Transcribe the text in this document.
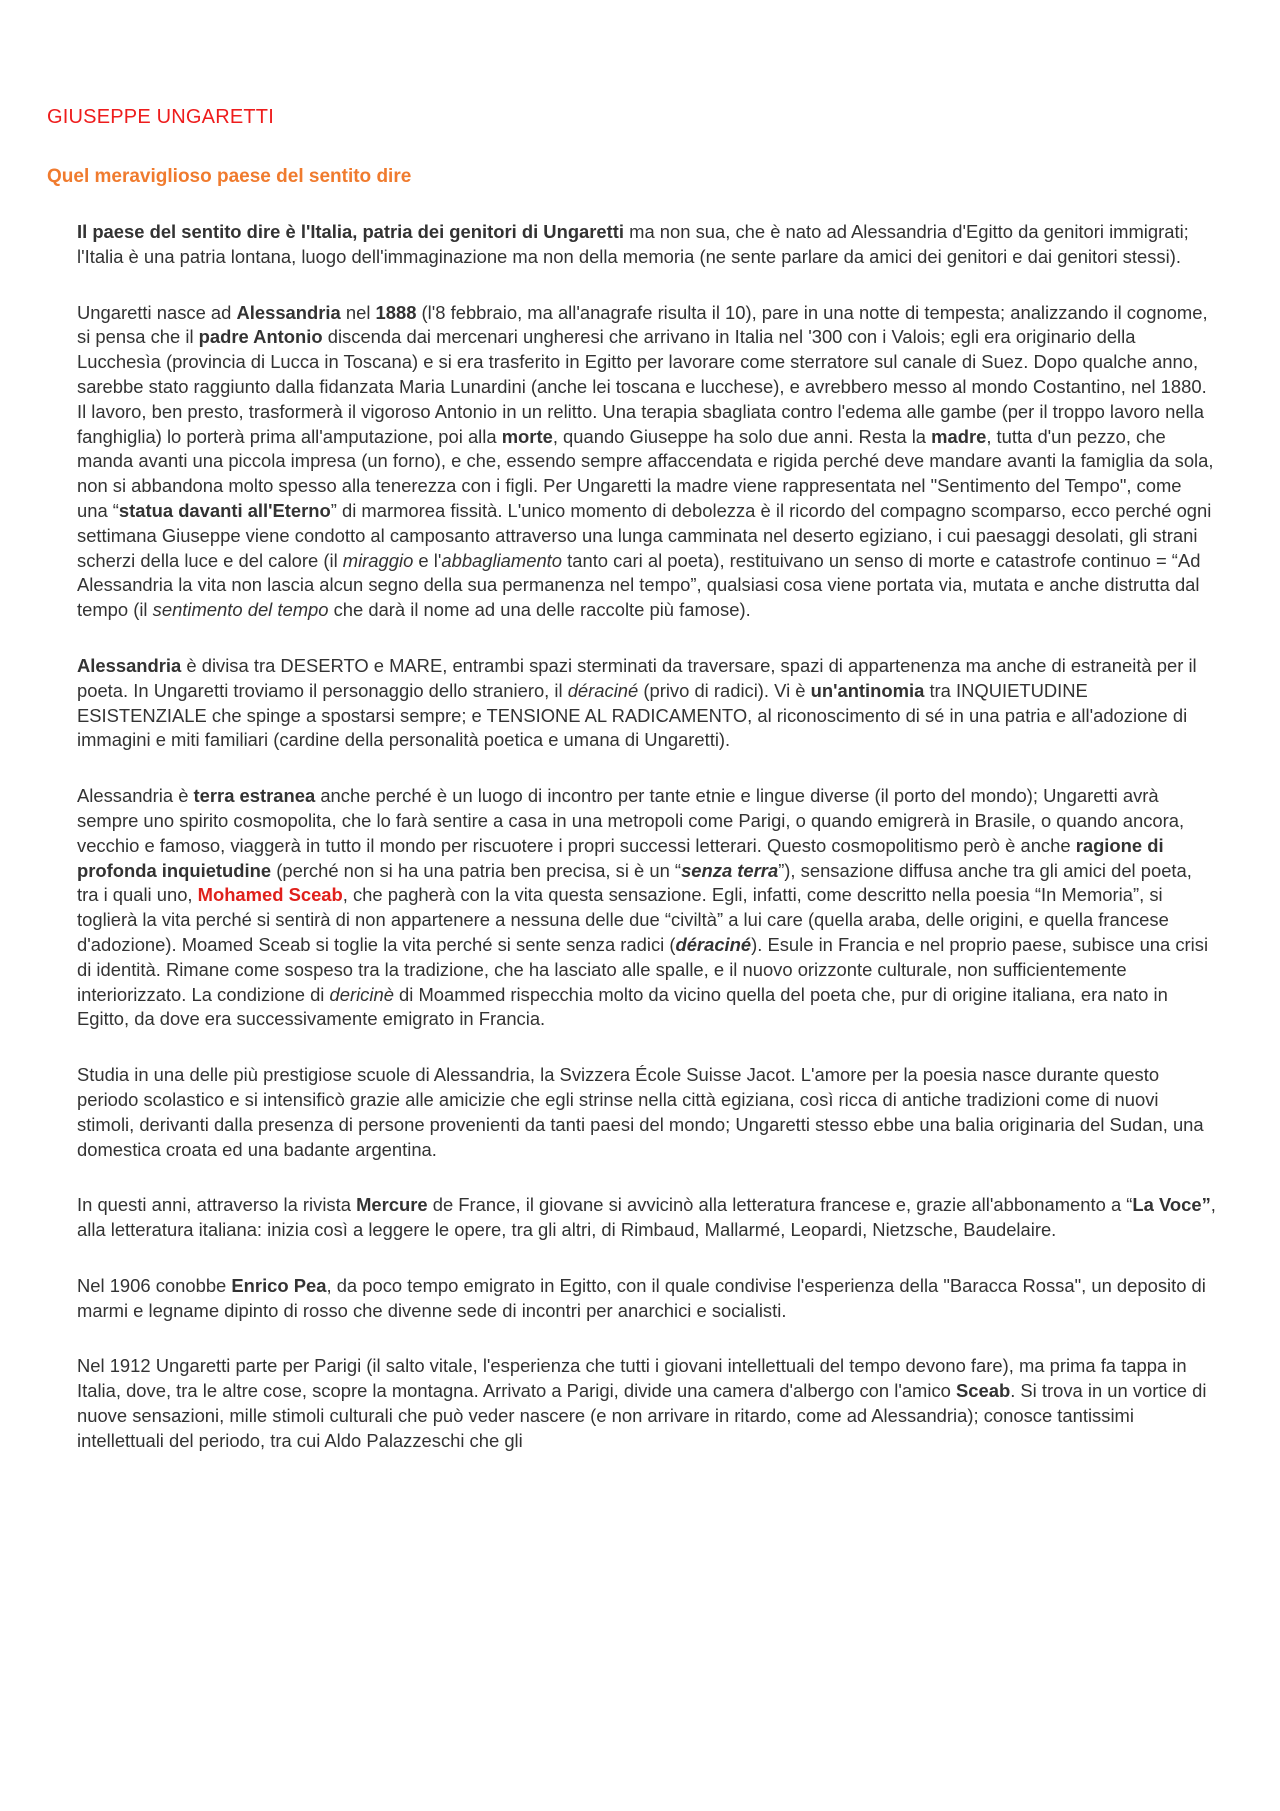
GIUSEPPE UNGARETTI
Quel meraviglioso paese del sentito dire

Il paese del sentito dire è l'Italia, patria dei genitori di Ungaretti ma non sua, che è nato ad Alessandria d'Egitto da genitori immigrati; l'Italia è una patria lontana, luogo dell'immaginazione ma non della memoria (ne sente parlare da amici dei genitori e dai genitori stessi).

Ungaretti nasce ad Alessandria nel 1888 (l'8 febbraio, ma all'anagrafe risulta il 10), pare in una notte di tempesta; analizzando il cognome, si pensa che il padre Antonio discenda dai mercenari ungheresi che arrivano in Italia nel '300 con i Valois; egli era originario della Lucchesìa (provincia di Lucca in Toscana) e si era trasferito in Egitto per lavorare come sterratore sul canale di Suez. Dopo qualche anno, sarebbe stato raggiunto dalla fidanzata Maria Lunardini (anche lei toscana e lucchese), e avrebbero messo al mondo Costantino, nel 1880. Il lavoro, ben presto, trasformerà il vigoroso Antonio in un relitto. Una terapia sbagliata contro l'edema alle gambe (per il troppo lavoro nella fanghiglia) lo porterà prima all'amputazione, poi alla morte, quando Giuseppe ha solo due anni. Resta la madre, tutta d'un pezzo, che manda avanti una piccola impresa (un forno), e che, essendo sempre affaccendata e rigida perché deve mandare avanti la famiglia da sola, non si abbandona molto spesso alla tenerezza con i figli. Per Ungaretti la madre viene rappresentata nel "Sentimento del Tempo", come una “statua davanti all'Eterno” di marmorea fissità. L'unico momento di debolezza è il ricordo del compagno scomparso, ecco perché ogni settimana Giuseppe viene condotto al camposanto attraverso una lunga camminata nel deserto egiziano, i cui paesaggi desolati, gli strani scherzi della luce e del calore (il miraggio e l'abbagliamento tanto cari al poeta), restituivano un senso di morte e catastrofe continuo = “Ad Alessandria la vita non lascia alcun segno della sua permanenza nel tempo”, qualsiasi cosa viene portata via, mutata e anche distrutta dal tempo (il sentimento del tempo che darà il nome ad una delle raccolte più famose).

Alessandria è divisa tra DESERTO e MARE, entrambi spazi sterminati da traversare, spazi di appartenenza ma anche di estraneità per il poeta. In Ungaretti troviamo il personaggio dello straniero, il déraciné (privo di radici). Vi è un'antinomia tra INQUIETUDINE ESISTENZIALE che spinge a spostarsi sempre; e TENSIONE AL RADICAMENTO, al riconoscimento di sé in una patria e all'adozione di immagini e miti familiari (cardine della personalità poetica e umana di Ungaretti).

Alessandria è terra estranea anche perché è un luogo di incontro per tante etnie e lingue diverse (il porto del mondo); Ungaretti avrà sempre uno spirito cosmopolita, che lo farà sentire a casa in una metropoli come Parigi, o quando emigrerà in Brasile, o quando ancora, vecchio e famoso, viaggerà in tutto il mondo per riscuotere i propri successi letterari. Questo cosmopolitismo però è anche ragione di profonda inquietudine (perché non si ha una patria ben precisa, si è un “senza terra”), sensazione diffusa anche tra gli amici del poeta, tra i quali uno, Mohamed Sceab, che pagherà con la vita questa sensazione. Egli, infatti, come descritto nella poesia “In Memoria”, si toglierà la vita perché si sentirà di non appartenere a nessuna delle due “civiltà” a lui care (quella araba, delle origini, e quella francese d'adozione). Moamed Sceab si toglie la vita perché si sente senza radici (déraciné). Esule in Francia e nel proprio paese, subisce una crisi di identità. Rimane come sospeso tra la tradizione, che ha lasciato alle spalle, e il nuovo orizzonte culturale, non sufficientemente interiorizzato. La condizione di dericinè di Moammed rispecchia molto da vicino quella del poeta che, pur di origine italiana, era nato in Egitto, da dove era successivamente emigrato in Francia.

Studia in una delle più prestigiose scuole di Alessandria, la Svizzera École Suisse Jacot. L'amore per la poesia nasce durante questo periodo scolastico e si intensificò grazie alle amicizie che egli strinse nella città egiziana, così ricca di antiche tradizioni come di nuovi stimoli, derivanti dalla presenza di persone provenienti da tanti paesi del mondo; Ungaretti stesso ebbe una balia originaria del Sudan, una domestica croata ed una badante argentina.

In questi anni, attraverso la rivista Mercure de France, il giovane si avvicinò alla letteratura francese e, grazie all'abbonamento a “La Voce”, alla letteratura italiana: inizia così a leggere le opere, tra gli altri, di Rimbaud, Mallarmé, Leopardi, Nietzsche, Baudelaire.

Nel 1906 conobbe Enrico Pea, da poco tempo emigrato in Egitto, con il quale condivise l'esperienza della "Baracca Rossa", un deposito di marmi e legname dipinto di rosso che divenne sede di incontri per anarchici e socialisti.

Nel 1912 Ungaretti parte per Parigi (il salto vitale, l'esperienza che tutti i giovani intellettuali del tempo devono fare), ma prima fa tappa in Italia, dove, tra le altre cose, scopre la montagna. Arrivato a Parigi, divide una camera d'albergo con l'amico Sceab. Si trova in un vortice di nuove sensazioni, mille stimoli culturali che può veder nascere (e non arrivare in ritardo, come ad Alessandria); conosce tantissimi intellettuali del periodo, tra cui Aldo Palazzeschi che gli
